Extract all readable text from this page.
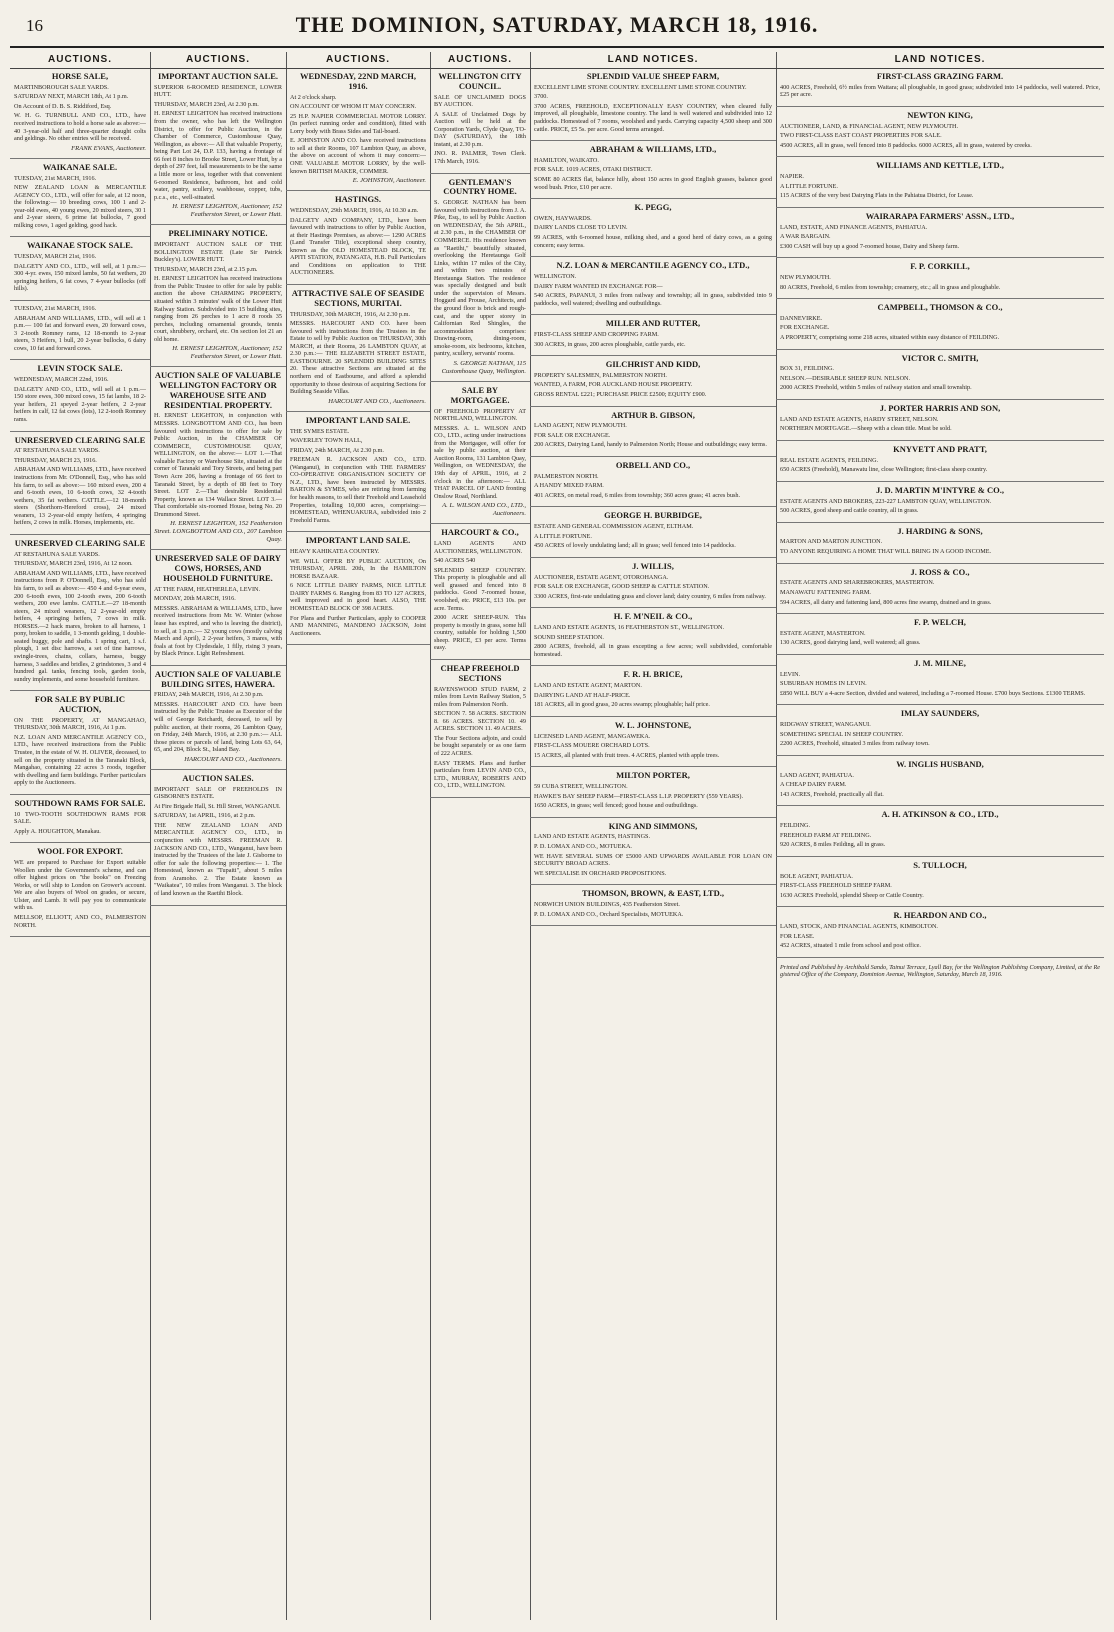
16	THE DOMINION, SATURDAY, MARCH 18, 1916.
AUCTIONS.
HORSE SALE,

MARTINBOROUGH SALE YARDS.

SATURDAY NEXT, MARCH 18th, At 1 p.m.

On Account of D. B. S. Riddiford, Esq.

W. H. G. TURNBULL AND CO., LTD., have received instructions to hold a horse sale as above:— 40 3-year-old half and three-quarter draught colts and geldings. No other entries will be received.

FRANK EVANS, Auctioneer.

WAIKANAE SALE.

TUESDAY, 21st MARCH, 1916.

NEW ZEALAND LOAN & MERCANTILE AGENCY CO., LTD., will offer for sale, at 12 noon, the following:— 10 breeding cows, 100 1 and 2-year-old ewes, 40 young ewes, 20 mixed steers, 30 1 and 2-year steers, 6 prime fat bullocks, 7 good milking cows, 1 aged gelding, good hack.

WAIKANAE STOCK SALE.

TUESDAY, MARCH 21st, 1916.

DALGETY AND CO., LTD., will sell, at 1 p.m.:— 300 4-yr. ewes, 150 mixed lambs, 50 fat wethers, 20 springing heifers, 6 fat cows, 7 4-year bullocks (off hills).

TUESDAY, 21st MARCH, 1916.

ABRAHAM AND WILLIAMS, LTD., will sell at 1 p.m.— 100 fat and forward ewes, 20 forward cows, 3 2-tooth Romney rams, 12 18-month to 2-year steers, 3 Heifers, 1 bull, 20 2-year bullocks, 6 dairy cows, 10 fat and forward cows.

LEVIN STOCK SALE.

WEDNESDAY, MARCH 22nd, 1916.

DALGETY AND CO., LTD., will sell at 1 p.m.— 150 store ewes, 300 mixed cows, 15 fat lambs, 18 2-year heifers, 21 speyed 2-year heifers, 2 2-year heifers in calf, 12 fat cows (lots), 12 2-tooth Romney rams.

UNRESERVED CLEARING SALE

AT RESTAHUNA SALE YARDS.

THURSDAY, MARCH 23, 1916.

ABRAHAM AND WILLIAMS, LTD., have received instructions from Mr. O'Donnell, Esq., who has sold his farm, to sell as above:— 160 mixed ewes, 200 4 and 6-tooth ewes, 10 6-tooth cows, 32 4-tooth wethers, 35 fat wethers. CATTLE.—12 18-month steers (Shorthorn-Hereford cross), 24 mixed weaners, 13 2-year-old empty heifers, 4 springing heifers, 2 cows in milk. Horses, implements, etc.

UNRESERVED CLEARING SALE

AT RESTAHUNA SALE YARDS.

THURSDAY, MARCH 23rd, 1916, At 12 noon.

ABRAHAM AND WILLIAMS, LTD., have received instructions from P. O'Donnell, Esq., who has sold his farm, to sell as above:— 450 4 and 6-year ewes, 200 6-tooth ewes, 100 2-tooth ewes, 200 6-tooth wethers, 200 ewe lambs. CATTLE.—27 18-month steers, 24 mixed weaners, 12 2-year-old empty heifers, 4 springing heifers, 7 cows in milk. HORSES.—2 hack mares, broken to all harness, 1 pony, broken to saddle, 1 3-month gelding, 1 double-seated buggy, pole and shafts. 1 spring cart, 1 s.f. plough, 1 set disc harrows, a set of tine harrows, swingle-trees, chains, collars, harness, buggy harness, 3 saddles and bridles, 2 grindstones, 3 and 4 hundred gal. tanks, fencing tools, garden tools, sundry implements, and some household furniture.

FOR SALE BY PUBLIC AUCTION,

ON THE PROPERTY, AT MANGAHAO, THURSDAY, 30th MARCH, 1916, At 1 p.m.

N.Z. LOAN AND MERCANTILE AGENCY CO., LTD., have received instructions from the Public Trustee, in the estate of W. H. OLIVER, deceased, to sell on the property situated in the Taranaki Block, Mangahao, containing 22 acres 3 roods, together with dwelling and farm buildings. Further particulars apply to the Auctioneers.

SOUTHDOWN RAMS FOR SALE.

10 TWO-TOOTH SOUTHDOWN RAMS FOR SALE.

Apply A. HOUGHTON, Manakau.

WOOL FOR EXPORT.

WE are prepared to Purchase for Export suitable Woollen under the Government's scheme, and can offer highest prices on "the books" on Freezing Works, or will ship to London on Grower's account. We are also buyers of Wool on grades, or secure, Ulster, and Lamb. It will pay you to communicate with us.

MELLSOP, ELLIOTT, AND CO., PALMERSTON NORTH.

AUCTIONS.
IMPORTANT AUCTION SALE.

SUPERIOR 6-ROOMED RESIDENCE, LOWER HUTT.

THURSDAY, MARCH 23rd, At 2.30 p.m.

H. ERNEST LEIGHTON has received instructions from the owner, who has left the Wellington District, to offer for Public Auction, in the Chamber of Commerce, Customhouse Quay, Wellington, as above:— All that valuable Property, being Part Lot 24, D.P. 133, having a frontage of 66 feet 8 inches to Brooke Street, Lower Hutt, by a depth of 297 feet, fall measurements to be the same a little more or less, together with that convenient 6-roomed Residence, bathroom, hot and cold water, pantry, scullery, washhouse, copper, tubs, p.c.s., etc., well-situated.

H. ERNEST LEIGHTON, Auctioneer, 152 Featherston Street, or Lower Hutt.

PRELIMINARY NOTICE.

IMPORTANT AUCTION SALE OF THE BOLLINGTON ESTATE (Late Sir Patrick Buckley's). LOWER HUTT.

THURSDAY, MARCH 23rd, at 2.15 p.m.

H. ERNEST LEIGHTON has received instructions from the Public Trustee to offer for sale by public auction the above CHARMING PROPERTY, situated within 3 minutes' walk of the Lower Hutt Railway Station. Subdivided into 15 building sites, ranging from 26 perches to 1 acre 8 roods 35 perches, including ornamental grounds, tennis court, shrubbery, orchard, etc. On section lot 21 an old home.

H. ERNEST LEIGHTON, Auctioneer, 152 Featherston Street, or Lower Hutt.

AUCTION SALE OF VALUABLE WELLINGTON FACTORY OR WAREHOUSE SITE AND RESIDENTIAL PROPERTY.

H. ERNEST LEIGHTON, in conjunction with MESSRS. LONGBOTTOM AND CO., has been favoured with instructions to offer for sale by Public Auction, in the CHAMBER OF COMMERCE, CUSTOMHOUSE QUAY, WELLINGTON, on the above:— LOT 1.—That valuable Factory or Warehouse Site, situated at the corner of Taranaki and Tory Streets, and being part Town Acre 206, having a frontage of 66 feet to Taranaki Street, by a depth of 88 feet to Tory Street. LOT 2.—That desirable Residential Property, known as 134 Wallace Street. LOT 3.—That comfortable six-roomed House, being No. 20 Drummond Street.

H. ERNEST LEIGHTON, 152 Featherston Street. LONGBOTTOM AND CO., 207 Lambton Quay.

UNRESERVED SALE OF DAIRY COWS, HORSES, AND HOUSEHOLD FURNITURE.

AT THE FARM, HEATHERLEA, LEVIN.

MONDAY, 20th MARCH, 1916.

MESSRS. ABRAHAM & WILLIAMS, LTD., have received instructions from Mr. W. Winter (whose lease has expired, and who is leaving the district), to sell, at 1 p.m.:— 32 young cows (mostly calving March and April), 2 2-year heifers, 3 mares, with foals at foot by Clydesdale, 1 filly, rising 3 years, by Black Prince. Light Refreshment.

AUCTION SALE OF VALUABLE BUILDING SITES, HAWERA.

FRIDAY, 24th MARCH, 1916, At 2.30 p.m.

MESSRS. HARCOURT AND CO. have been instructed by the Public Trustee as Executor of the will of George Reichardt, deceased, to sell by public auction, at their rooms, 26 Lambton Quay, on Friday, 24th March, 1916, at 2.30 p.m.:— ALL those pieces or parcels of land, being Lots 63, 64, 65, and 204, Block St., Island Bay.

HARCOURT AND CO., Auctioneers.

AUCTION SALES.

IMPORTANT SALE OF FREEHOLDS IN GISBORNE'S ESTATE.

At Fire Brigade Hall, St. Hill Street, WANGANUI.

SATURDAY, 1st APRIL, 1916, at 2 p.m.

THE NEW ZEALAND LOAN AND MERCANTILE AGENCY CO., LTD., in conjunction with MESSRS. FREEMAN R. JACKSON AND CO., LTD., Wanganui, have been instructed by the Trustees of the late J. Gisborne to offer for sale the following properties:— 1. The Homestead, known as "Tupaiti", about 5 miles from Aramoho. 2. The Estate known as "Waikatea", 10 miles from Wanganui. 3. The block of land known as the Raetihi Block.

AUCTIONS.
WEDNESDAY, 22ND MARCH, 1916.

At 2 o'clock sharp.

ON ACCOUNT OF WHOM IT MAY CONCERN.

25 H.P. NAPIER COMMERCIAL MOTOR LORRY. (In perfect running order and condition), fitted with Lorry body with Brass Sides and Tail-board.

E. JOHNSTON AND CO. have received instructions to sell at their Rooms, 107 Lambton Quay, as above, the above on account of whom it may concern:— ONE VALUABLE MOTOR LORRY, by the well-known BRITISH MAKER, COMMER.

E. JOHNSTON, Auctioneer.

HASTINGS.

WEDNESDAY, 29th MARCH, 1916, At 10.30 a.m.

DALGETY AND COMPANY, LTD., have been favoured with instructions to offer by Public Auction, at their Hastings Premises, as above:— 1290 ACRES (Land Transfer Title), exceptional sheep country, known as the OLD HOMESTEAD BLOCK, TE APITI STATION, PATANGATA, H.B. Full Particulars and Conditions on application to THE AUCTIONEERS.

ATTRACTIVE SALE OF SEASIDE SECTIONS, MURITAI.

THURSDAY, 30th MARCH, 1916, At 2.30 p.m.

MESSRS. HARCOURT AND CO. have been favoured with instructions from the Trustees in the Estate to sell by Public Auction on THURSDAY, 30th MARCH, at their Rooms, 26 LAMBTON QUAY, at 2.30 p.m.:— THE ELIZABETH STREET ESTATE, EASTBOURNE. 20 SPLENDID BUILDING SITES 20. These attractive Sections are situated at the northern end of Eastbourne, and afford a splendid opportunity to those desirous of acquiring Sections for Building Seaside Villas.

HARCOURT AND CO., Auctioneers.

IMPORTANT LAND SALE.

THE SYMES ESTATE.

WAVERLEY TOWN HALL,

FRIDAY, 24th MARCH, At 2.30 p.m.

FREEMAN R. JACKSON AND CO., LTD. (Wanganui), in conjunction with THE FARMERS' CO-OPERATIVE ORGANISATION SOCIETY OF N.Z., LTD., have been instructed by MESSRS. BARTON & SYMES, who are retiring from farming for health reasons, to sell their Freehold and Leasehold Properties, totalling 10,000 acres, comprising:— HOMESTEAD, WHENUAKURA, subdivided into 2 Freehold Farms.

IMPORTANT LAND SALE.

HEAVY KAHIKATEA COUNTRY.

WE WILL OFFER BY PUBLIC AUCTION, On THURSDAY, APRIL 20th, In the HAMILTON HORSE BAZAAR.

6 NICE LITTLE DAIRY FARMS, NICE LITTLE DAIRY FARMS 6. Ranging from 83 TO 127 ACRES, well improved and in good heart. ALSO, THE HOMESTEAD BLOCK OF 398 ACRES.

For Plans and Further Particulars, apply to COOPER AND MANNING, MANDENO JACKSON, Joint Auctioneers.

AUCTIONS.
WELLINGTON CITY COUNCIL.

SALE OF UNCLAIMED DOGS BY AUCTION.

A SALE of Unclaimed Dogs by Auction will be held at the Corporation Yards, Clyde Quay, TO-DAY (SATURDAY), the 18th instant, at 2.30 p.m.

JNO. R. PALMER, Town Clerk. 17th March, 1916.

GENTLEMAN'S COUNTRY HOME.

S. GEORGE NATHAN has been favoured with instructions from J. A. Pike, Esq., to sell by Public Auction on WEDNESDAY, the 5th APRIL, at 2.30 p.m., in the CHAMBER OF COMMERCE. His residence known as "Raetihi," beautifully situated, overlooking the Heretaunga Golf Links, within 17 miles of the City, and within two minutes of Heretaunga Station. The residence was specially designed and built under the supervision of Messrs. Hoggard and Prouse, Architects, and the ground floor is brick and rough-cast, and the upper storey in Californian Red Shingles, the accommodation comprises: Drawing-room, dining-room, smoke-room, six bedrooms, kitchen, pantry, scullery, servants' rooms.

S. GEORGE NATHAN, 115 Customhouse Quay, Wellington.

SALE BY MORTGAGEE.

OF FREEHOLD PROPERTY AT NORTHLAND, WELLINGTON.

MESSRS. A. L. WILSON AND CO., LTD., acting under instructions from the Mortgagee, will offer for sale by public auction, at their Auction Rooms, 131 Lambton Quay, Wellington, on WEDNESDAY, the 19th day of APRIL, 1916, at 2 o'clock in the afternoon:— ALL THAT PARCEL OF LAND fronting Onslow Road, Northland.

A. L. WILSON AND CO., LTD., Auctioneers.

HARCOURT & CO.,

LAND AGENTS AND AUCTIONEERS, WELLINGTON.

540 ACRES 540

SPLENDID SHEEP COUNTRY. This property is ploughable and all well grassed and fenced into 8 paddocks. Good 7-roomed house, woolshed, etc. PRICE, £13 10s. per acre. Terms.

2000 ACRE SHEEP-RUN. This property is mostly in grass, some hill country, suitable for holding 1,500 sheep. PRICE, £3 per acre. Terms easy.

CHEAP FREEHOLD SECTIONS

RAVENSWOOD STUD FARM, 2 miles from Levin Railway Station, 5 miles from Palmerston North.

SECTION 7. 58 ACRES. SECTION 8. 66 ACRES. SECTION 10. 49 ACRES. SECTION 11. 49 ACRES.

The Four Sections adjoin, and could be bought separately or as one farm of 222 ACRES.

EASY TERMS. Plans and further particulars from LEVIN AND CO., LTD., MURRAY, ROBERTS AND CO., LTD., WELLINGTON.

LAND NOTICES.
SPLENDID VALUE SHEEP FARM,

EXCELLENT LIME STONE COUNTRY. EXCELLENT LIME STONE COUNTRY.

3700.

3700 ACRES, FREEHOLD, EXCEPTIONALLY EASY COUNTRY, when cleared fully improved, all ploughable, limestone country. The land is well watered and subdivided into 12 paddocks. Homestead of 7 rooms, woolshed and yards. Carrying capacity 4,500 sheep and 300 cattle. PRICE, £5 5s. per acre. Good terms arranged.

ABRAHAM & WILLIAMS, LTD.,

HAMILTON, WAIKATO.

FOR SALE. 1019 ACRES, OTAKI DISTRICT.

SOME 80 ACRES flat, balance hilly, about 150 acres in good English grasses, balance good wood bush. Price, £10 per acre.

K. PEGG,

OWEN, HAYWARDS.

DAIRY LANDS CLOSE TO LEVIN.

99 ACRES, with 6-roomed house, milking shed, and a good herd of dairy cows, as a going concern; easy terms.

N.Z. LOAN & MERCANTILE AGENCY CO., LTD.,

WELLINGTON.

DAIRY FARM WANTED IN EXCHANGE FOR—

540 ACRES, PAPANUI, 3 miles from railway and township; all in grass, subdivided into 9 paddocks, well watered; dwelling and outbuildings.

MILLER AND RUTTER,

FIRST-CLASS SHEEP AND CROPPING FARM.

300 ACRES, in grass, 200 acres ploughable, cattle yards, etc.

GILCHRIST AND KIDD,

PROPERTY SALESMEN, PALMERSTON NORTH.

WANTED, A FARM, FOR AUCKLAND HOUSE PROPERTY.

GROSS RENTAL £221; PURCHASE PRICE £2500; EQUITY £900.

ARTHUR B. GIBSON,

LAND AGENT, NEW PLYMOUTH.

FOR SALE OR EXCHANGE.

200 ACRES, Dairying Land, handy to Palmerston North; House and outbuildings; easy terms.

ORBELL AND CO.,

PALMERSTON NORTH.

A HANDY MIXED FARM.

401 ACRES, on metal road, 6 miles from township; 360 acres grass; 41 acres bush.

GEORGE H. BURBIDGE,

ESTATE AND GENERAL COMMISSION AGENT, ELTHAM.

A LITTLE FORTUNE.

450 ACRES of lovely undulating land; all in grass; well fenced into 14 paddocks.

J. WILLIS,

AUCTIONEER, ESTATE AGENT, OTOROHANGA.

FOR SALE OR EXCHANGE, GOOD SHEEP & CATTLE STATION.

3300 ACRES, first-rate undulating grass and clover land; dairy country, 6 miles from railway.

H. F. M'NEIL & CO.,

LAND AND ESTATE AGENTS, 16 FEATHERSTON ST., WELLINGTON.

SOUND SHEEP STATION.

2800 ACRES, freehold, all in grass excepting a few acres; well subdivided, comfortable homestead.

F. R. H. BRICE,

LAND AND ESTATE AGENT, MARTON.

DAIRYING LAND AT HALF-PRICE.

181 ACRES, all in good grass, 20 acres swamp; ploughable; half price.

W. L. JOHNSTONE,

LICENSED LAND AGENT, MANGAWEKA.

FIRST-CLASS MOUERE ORCHARD LOTS.

15 ACRES, all planted with fruit trees. 4 ACRES, planted with apple trees.

MILTON PORTER,

59 CUBA STREET, WELLINGTON.

HAWKE'S BAY SHEEP FARM—FIRST-CLASS L.I.P. PROPERTY (559 YEARS).

1650 ACRES, in grass; well fenced; good house and outbuildings.

KING AND SIMMONS,

LAND AND ESTATE AGENTS, HASTINGS.

P. D. LOMAX AND CO., MOTUEKA.

WE HAVE SEVERAL SUMS OF £5000 AND UPWARDS AVAILABLE FOR LOAN ON SECURITY BROAD ACRES.

WE SPECIALISE IN ORCHARD PROPOSITIONS.

THOMSON, BROWN, & EAST, LTD.,

NORWICH UNION BUILDINGS, 435 Featherston Street.

P. D. LOMAX AND CO., Orchard Specialists, MOTUEKA.

LAND NOTICES.
FIRST-CLASS GRAZING FARM.

400 ACRES, Freehold, 6½ miles from Waitara; all ploughable, in good grass; subdivided into 14 paddocks, well watered. Price, £25 per acre.

NEWTON KING,

AUCTIONEER, LAND, & FINANCIAL AGENT, NEW PLYMOUTH.

TWO FIRST-CLASS EAST COAST PROPERTIES FOR SALE.

4500 ACRES, all in grass, well fenced into 8 paddocks. 6000 ACRES, all in grass, watered by creeks.

WILLIAMS AND KETTLE, LTD.,

NAPIER.

A LITTLE FORTUNE.

115 ACRES of the very best Dairying Flats in the Pahiatua District, for Lease.

WAIRARAPA FARMERS' ASSN., LTD.,

LAND, ESTATE, AND FINANCE AGENTS, PAHIATUA.

A WAR BARGAIN.

£300 CASH will buy up a good 7-roomed house, Dairy and Sheep farm.

F. P. CORKILL,

NEW PLYMOUTH.

80 ACRES, Freehold, 6 miles from township; creamery, etc.; all in grass and ploughable.

CAMPBELL, THOMSON & CO.,

DANNEVIRKE.

FOR EXCHANGE.

A PROPERTY, comprising some 218 acres, situated within easy distance of FEILDING.

VICTOR C. SMITH,

BOX 31, FEILDING.

NELSON.—DESIRABLE SHEEP RUN. NELSON.

2000 ACRES Freehold, within 5 miles of railway station and small township.

J. PORTER HARRIS AND SON,

LAND AND ESTATE AGENTS, HARDY STREET, NELSON.

NORTHERN MORTGAGE.—Sheep with a clean title. Must be sold.

KNYVETT AND PRATT,

REAL ESTATE AGENTS, FEILDING.

650 ACRES (Freehold), Manawatu line, close Wellington; first-class sheep country.

J. D. MARTIN M'INTYRE & CO.,

ESTATE AGENTS AND BROKERS, 223-227 LAMBTON QUAY, WELLINGTON.

500 ACRES, good sheep and cattle country, all in grass.

J. HARDING & SONS,

MARTON AND MARTON JUNCTION.

TO ANYONE REQUIRING A HOME THAT WILL BRING IN A GOOD INCOME.

J. ROSS & CO.,

ESTATE AGENTS AND SHAREBROKERS, MASTERTON.

MANAWATU FATTENING FARM.

594 ACRES, all dairy and fattening land, 800 acres fine swamp, drained and in grass.

F. P. WELCH,

ESTATE AGENT, MASTERTON.

130 ACRES, good dairying land, well watered; all grass.

J. M. MILNE,

LEVIN.

SUBURBAN HOMES IN LEVIN.

£850 WILL BUY a 4-acre Section, divided and watered, including a 7-roomed House. £700 buys Sections. £1300 TERMS.

IMLAY SAUNDERS,

RIDGWAY STREET, WANGANUI.

SOMETHING SPECIAL IN SHEEP COUNTRY.

2200 ACRES, Freehold, situated 3 miles from railway town.

W. INGLIS HUSBAND,

LAND AGENT, PAHIATUA.

A CHEAP DAIRY FARM.

143 ACRES, Freehold, practically all flat.

A. H. ATKINSON & CO., LTD.,

FEILDING.

FREEHOLD FARM AT FEILDING.

920 ACRES, 8 miles Feilding, all in grass.

S. TULLOCH,

BOLE AGENT, PAHIATUA.

FIRST-CLASS FREEHOLD SHEEP FARM.

1630 ACRES Freehold, splendid Sheep or Cattle Country.

R. HEARDON AND CO.,

LAND, STOCK, AND FINANCIAL AGENTS, KIMBOLTON.

FOR LEASE.

452 ACRES, situated 1 mile from school and post office.

Printed and Published by Archibald Sando, Tainui Terrace, Lyall Bay, for the Wellington Publishing Company, Limited, at the Registered Office of the Company, Dominion Avenue, Wellington, Saturday, March 18, 1916.
